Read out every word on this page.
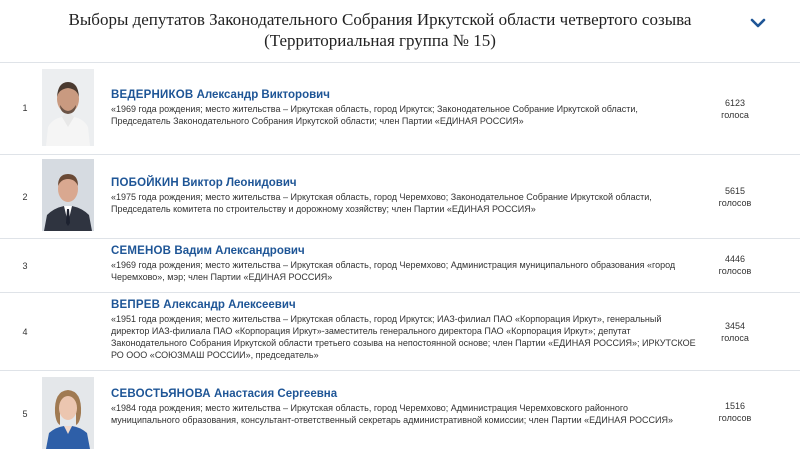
Выборы депутатов Законодательного Собрания Иркутской области четвертого созыва
(Территориальная группа № 15)
1
ВЕДЕРНИКОВ Александр Викторович
«1969 года рождения; место жительства – Иркутская область, город Иркутск; Законодательное Собрание Иркутской области, Председатель Законодательного Собрания Иркутской области; член Партии «ЕДИНАЯ РОССИЯ»
6123
голоса
2
ПОБОЙКИН Виктор Леонидович
«1975 года рождения; место жительства – Иркутская область, город Черемхово; Законодательное Собрание Иркутской области, Председатель комитета по строительству и дорожному хозяйству; член Партии «ЕДИНАЯ РОССИЯ»
5615
голосов
3
СЕМЕНОВ Вадим Александрович
«1969 года рождения; место жительства – Иркутская область, город Черемхово; Администрация муниципального образования «город Черемхово», мэр; член Партии «ЕДИНАЯ РОССИЯ»
4446
голосов
4
ВЕПРЕВ Александр Алексеевич
«1951 года рождения; место жительства – Иркутская область, город Иркутск; ИАЗ-филиал ПАО «Корпорация Иркут», генеральный директор ИАЗ-филиала ПАО «Корпорация Иркут»-заместитель генерального директора ПАО «Корпорация Иркут»; депутат Законодательного Собрания Иркутской области третьего созыва на непостоянной основе; член Партии «ЕДИНАЯ РОССИЯ»; ИРКУТСКОЕ РО ООО «СОЮЗМАШ РОССИИ», председатель»
3454
голоса
5
СЕВОСТЬЯНОВА Анастасия Сергеевна
«1984 года рождения; место жительства – Иркутская область, город Черемхово; Администрация Черемховского районного муниципального образования, консультант-ответственный секретарь административной комиссии; член Партии «ЕДИНАЯ РОССИЯ»
1516
голосов
